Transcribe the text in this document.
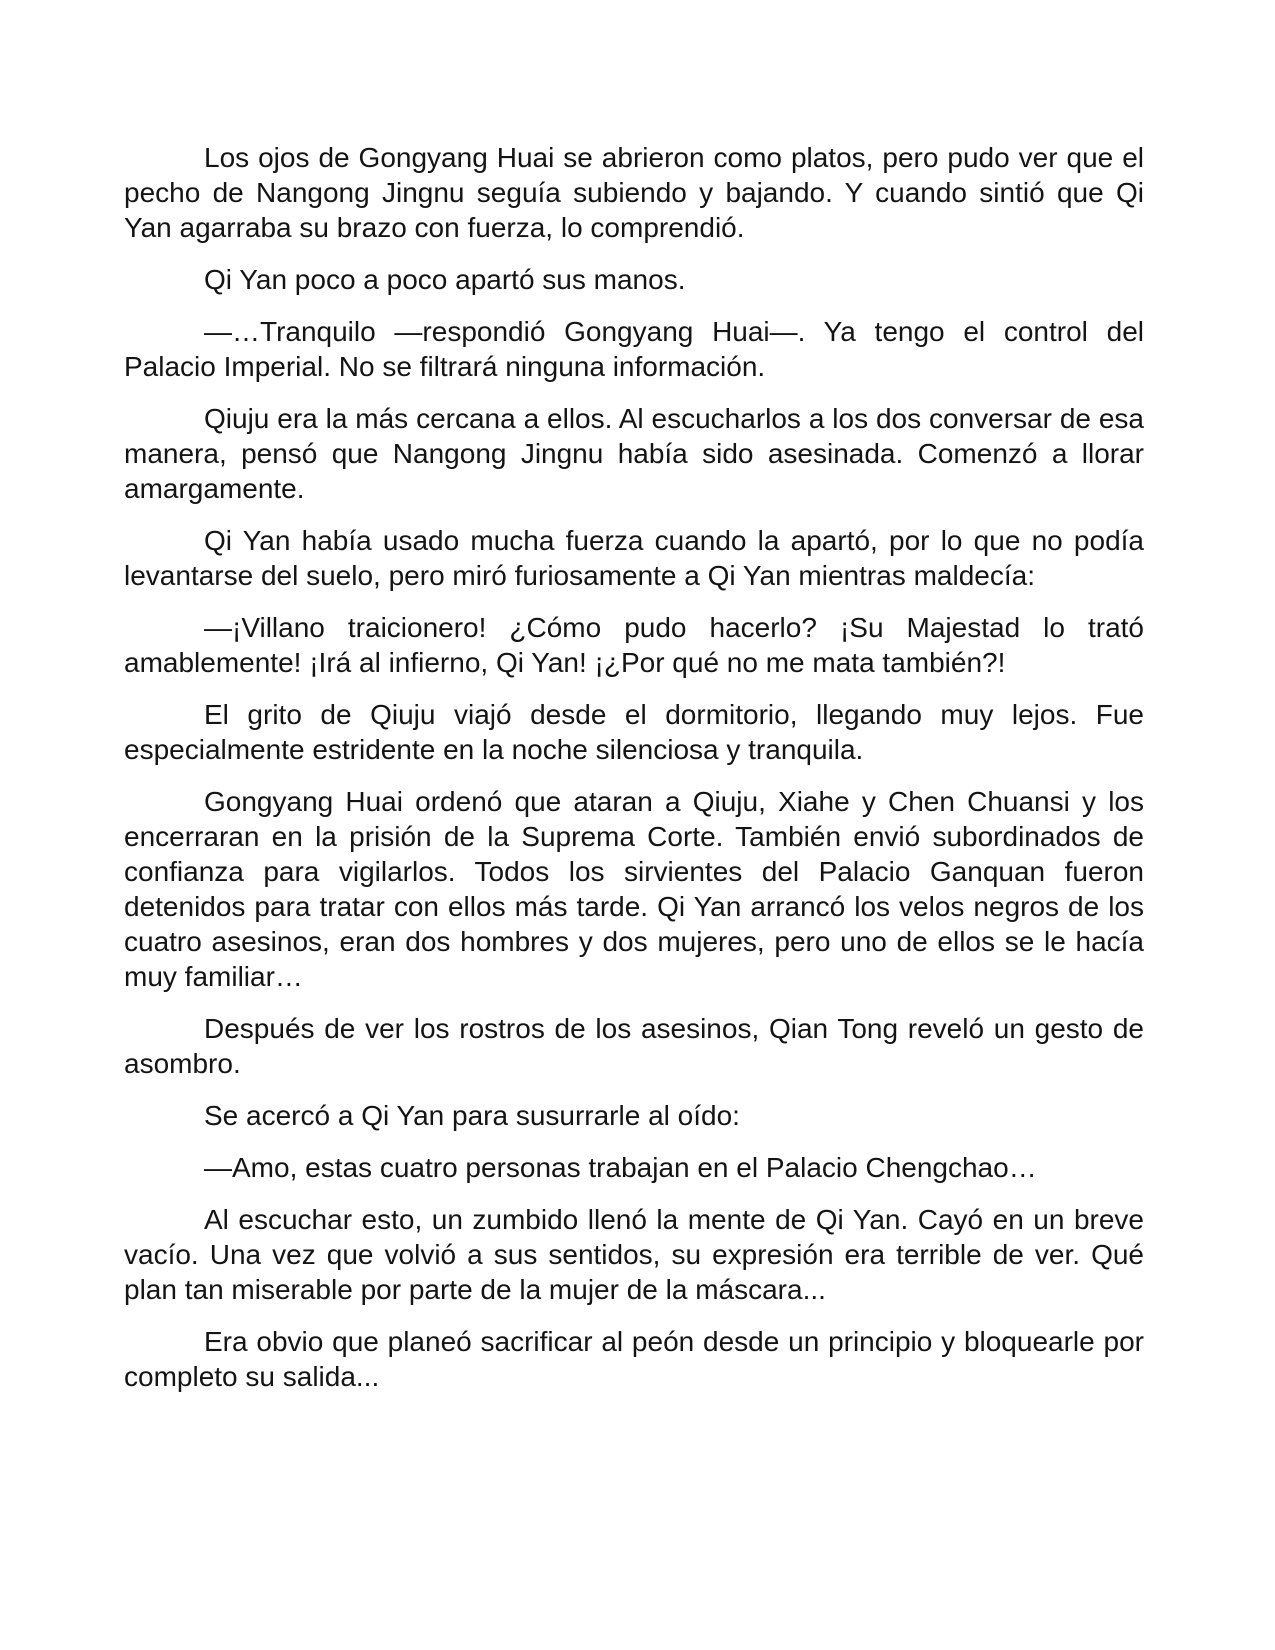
Los ojos de Gongyang Huai se abrieron como platos, pero pudo ver que el pecho de Nangong Jingnu seguía subiendo y bajando. Y cuando sintió que Qi Yan agarraba su brazo con fuerza, lo comprendió.

Qi Yan poco a poco apartó sus manos.

—…Tranquilo —respondió Gongyang Huai—. Ya tengo el control del Palacio Imperial. No se filtrará ninguna información.

Qiuju era la más cercana a ellos. Al escucharlos a los dos conversar de esa manera, pensó que Nangong Jingnu había sido asesinada. Comenzó a llorar amargamente.

Qi Yan había usado mucha fuerza cuando la apartó, por lo que no podía levantarse del suelo, pero miró furiosamente a Qi Yan mientras maldecía:

—¡Villano traicionero! ¿Cómo pudo hacerlo? ¡Su Majestad lo trató amablemente! ¡Irá al infierno, Qi Yan! ¡¿Por qué no me mata también?!

El grito de Qiuju viajó desde el dormitorio, llegando muy lejos. Fue especialmente estridente en la noche silenciosa y tranquila.

Gongyang Huai ordenó que ataran a Qiuju, Xiahe y Chen Chuansi y los encerraran en la prisión de la Suprema Corte. También envió subordinados de confianza para vigilarlos. Todos los sirvientes del Palacio Ganquan fueron detenidos para tratar con ellos más tarde. Qi Yan arrancó los velos negros de los cuatro asesinos, eran dos hombres y dos mujeres, pero uno de ellos se le hacía muy familiar…

Después de ver los rostros de los asesinos, Qian Tong reveló un gesto de asombro.

Se acercó a Qi Yan para susurrarle al oído:

—Amo, estas cuatro personas trabajan en el Palacio Chengchao…

Al escuchar esto, un zumbido llenó la mente de Qi Yan. Cayó en un breve vacío. Una vez que volvió a sus sentidos, su expresión era terrible de ver. Qué plan tan miserable por parte de la mujer de la máscara...

Era obvio que planeó sacrificar al peón desde un principio y bloquearle por completo su salida...
